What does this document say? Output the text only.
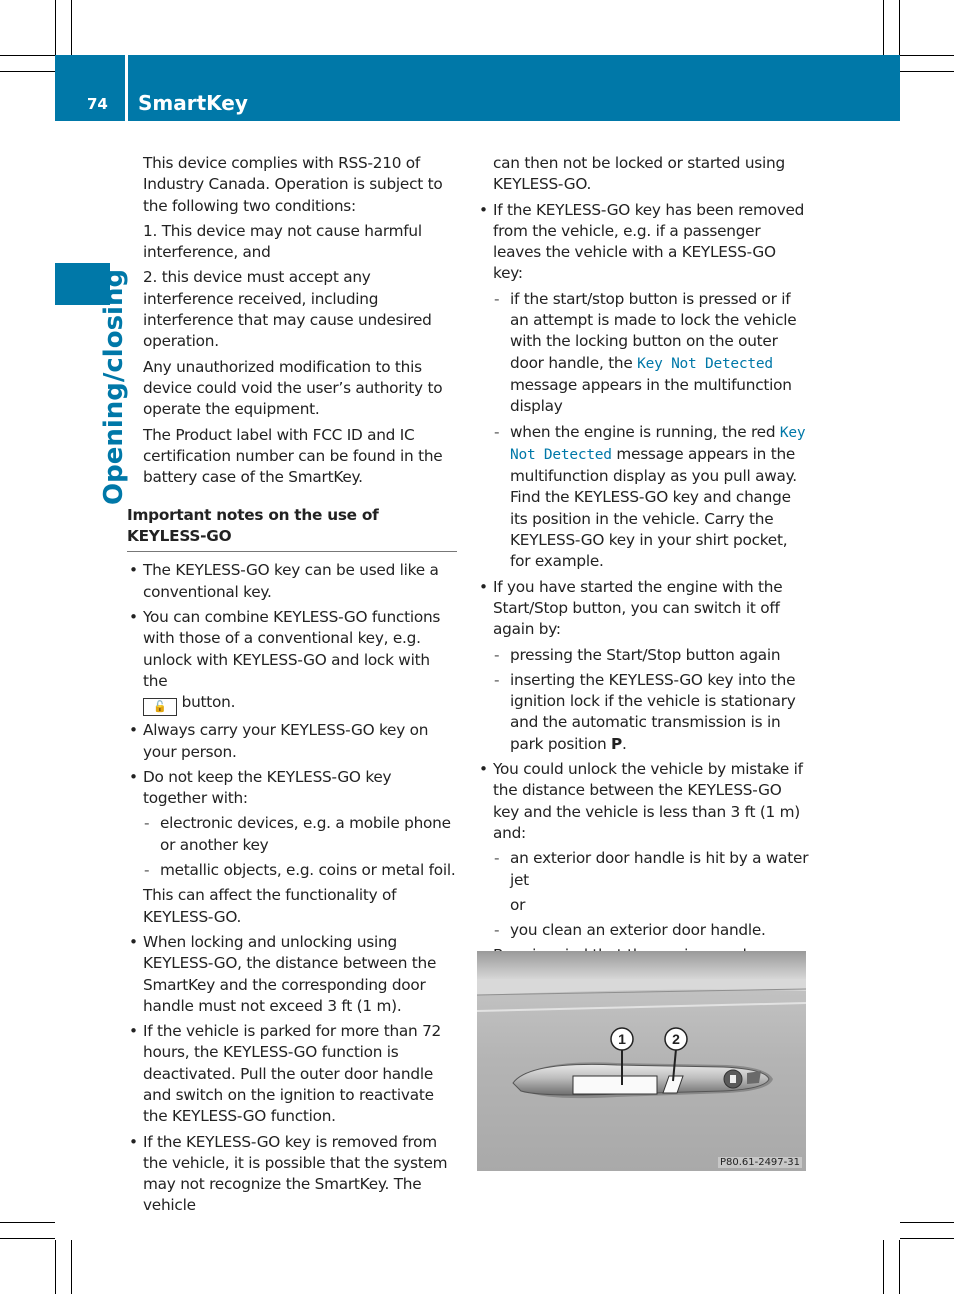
74 SmartKey
Opening/closing

This device complies with RSS-210 of Industry Canada. Operation is subject to the following two conditions:

1. This device may not cause harmful interference, and

2. this device must accept any interference received, including interference that may cause undesired operation.

Any unauthorized modification to this device could void the user’s authority to operate the equipment.

The Product label with FCC ID and IC certification number can be found in the battery case of the SmartKey.

Important notes on the use of KEYLESS-GO

• The KEYLESS-GO key can be used like a conventional key.

• You can combine KEYLESS-GO functions with those of a conventional key, e.g. unlock with KEYLESS-GO and lock with the
🔓 button.

• Always carry your KEYLESS-GO key on your person.

• Do not keep the KEYLESS-GO key together with:

- electronic devices, e.g. a mobile phone or another key

- metallic objects, e.g. coins or metal foil.

This can affect the functionality of KEYLESS-GO.

• When locking and unlocking using KEYLESS-GO, the distance between the SmartKey and the corresponding door handle must not exceed 3 ft (1 m).

• If the vehicle is parked for more than 72 hours, the KEYLESS-GO function is deactivated. Pull the outer door handle and switch on the ignition to reactivate the KEYLESS-GO function.

• If the KEYLESS-GO key is removed from the vehicle, it is possible that the system may not recognize the SmartKey. The vehicle

can then not be locked or started using KEYLESS-GO.

• If the KEYLESS-GO key has been removed from the vehicle, e.g. if a passenger leaves the vehicle with a KEYLESS-GO key:

- if the start/stop button is pressed or if an attempt is made to lock the vehicle with the locking button on the outer door handle, the Key Not Detected message appears in the multifunction display

- when the engine is running, the red Key Not Detected message appears in the multifunction display as you pull away. Find the KEYLESS-GO key and change its position in the vehicle. Carry the KEYLESS-GO key in your shirt pocket, for example.

• If you have started the engine with the Start/Stop button, you can switch it off again by:

- pressing the Start/Stop button again

- inserting the KEYLESS-GO key into the ignition lock if the vehicle is stationary and the automatic transmission is in park position P.

• You could unlock the vehicle by mistake if the distance between the KEYLESS-GO key and the vehicle is less than 3 ft (1 m) and:

- an exterior door handle is hit by a water jet

or

- you clean an exterior door handle.

1	2
P80.61-2497-31
